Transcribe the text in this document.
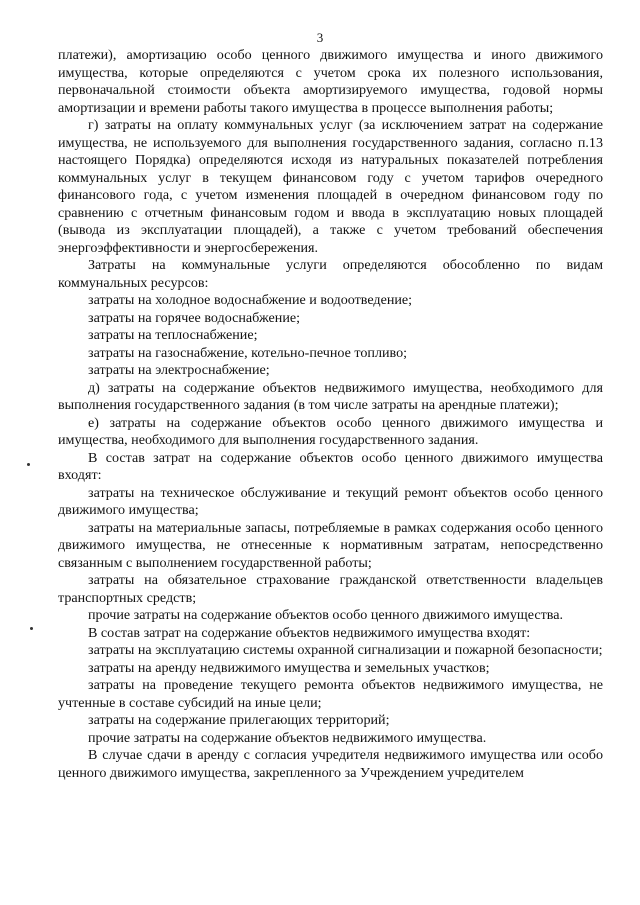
3

платежи), амортизацию особо ценного движимого имущества и иного движимого имущества, которые определяются с учетом срока их полезного использования, первоначальной стоимости объекта амортизируемого имущества, годовой нормы амортизации и времени работы такого имущества в процессе выполнения работы;

г) затраты на оплату коммунальных услуг (за исключением затрат на содержание имущества, не используемого для выполнения государственного задания, согласно п.13 настоящего Порядка) определяются исходя из натуральных показателей потребления коммунальных услуг в текущем финансовом году с учетом тарифов очередного финансового года, с учетом изменения площадей в очередном финансовом году по сравнению с отчетным финансовым годом и ввода в эксплуатацию новых площадей (вывода из эксплуатации площадей), а также с учетом требований обеспечения энергоэффективности и энергосбережения.

Затраты на коммунальные услуги определяются обособленно по видам коммунальных ресурсов:

затраты на холодное водоснабжение и водоотведение;

затраты на горячее водоснабжение;

затраты на теплоснабжение;

затраты на газоснабжение, котельно-печное топливо;

затраты на электроснабжение;

д) затраты на содержание объектов недвижимого имущества, необходимого для выполнения государственного задания (в том числе затраты на арендные платежи);

е) затраты на содержание объектов особо ценного движимого имущества и имущества, необходимого для выполнения государственного задания.

В состав затрат на содержание объектов особо ценного движимого имущества входят:

затраты на техническое обслуживание и текущий ремонт объектов особо ценного движимого имущества;

затраты на материальные запасы, потребляемые в рамках содержания особо ценного движимого имущества, не отнесенные к нормативным затратам, непосредственно связанным с выполнением государственной работы;

затраты на обязательное страхование гражданской ответственности владельцев транспортных средств;

прочие затраты на содержание объектов особо ценного движимого имущества.

В состав затрат на содержание объектов недвижимого имущества входят:

затраты на эксплуатацию системы охранной сигнализации и пожарной безопасности;

затраты на аренду недвижимого имущества и земельных участков;

затраты на проведение текущего ремонта объектов недвижимого имущества, не учтенные в составе субсидий на иные цели;

затраты на содержание прилегающих территорий;

прочие затраты на содержание объектов недвижимого имущества.

В случае сдачи в аренду с согласия учредителя недвижимого имущества или особо ценного движимого имущества, закрепленного за Учреждением учредителем
